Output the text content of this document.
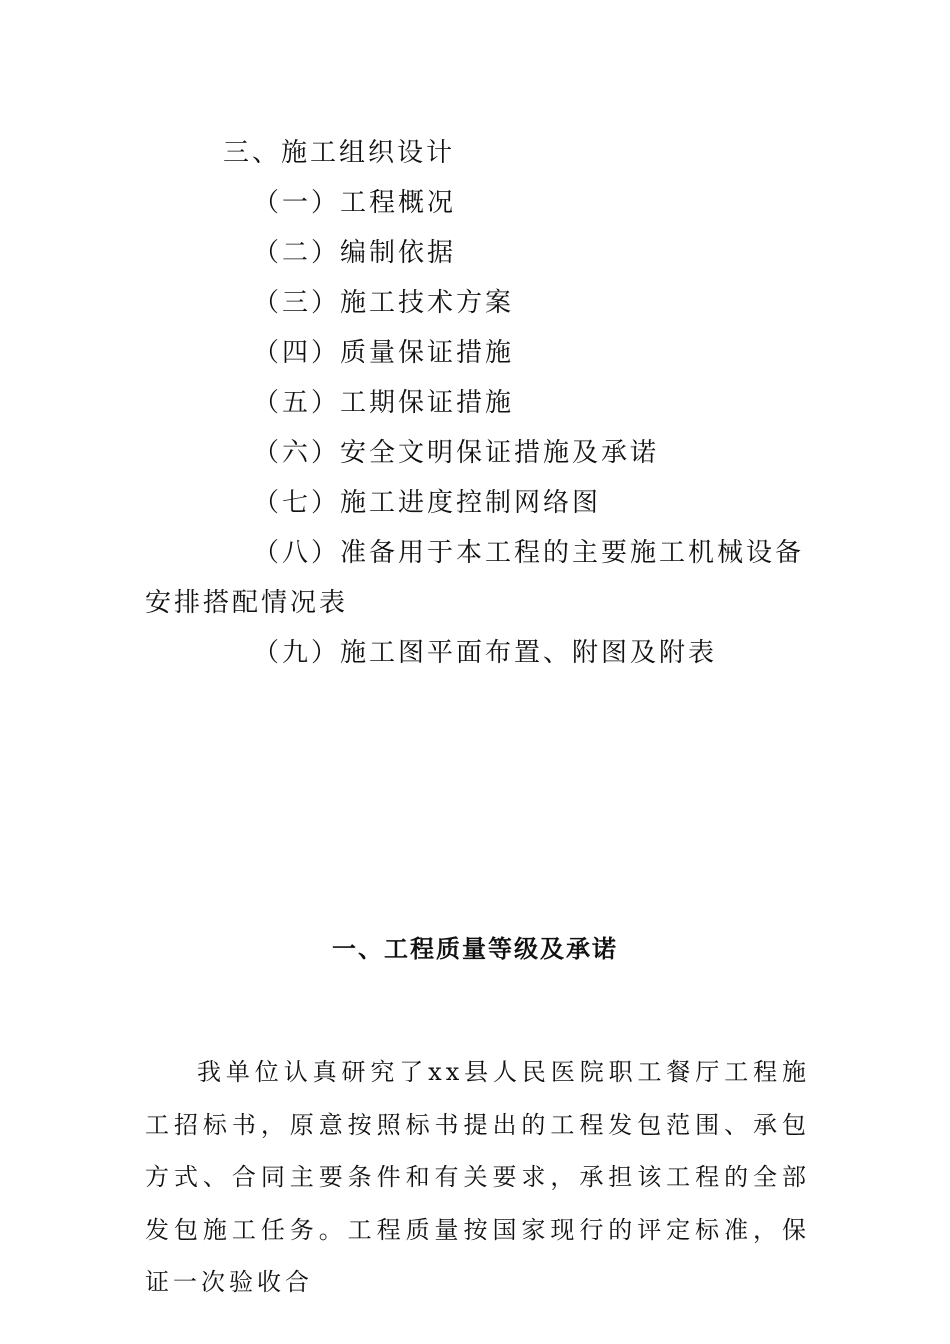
三、施工组织设计
（一）工程概况
（二）编制依据
（三）施工技术方案
（四）质量保证措施
（五）工期保证措施
（六）安全文明保证措施及承诺
（七）施工进度控制网络图
（八）准备用于本工程的主要施工机械设备安排搭配情况表
（九）施工图平面布置、附图及附表
一、工程质量等级及承诺

我单位认真研究了xx县人民医院职工餐厅工程施工招标书，原意按照标书提出的工程发包范围、承包方式、合同主要条件和有关要求，承担该工程的全部发包施工任务。工程质量按国家现行的评定标准，保证一次验收合
